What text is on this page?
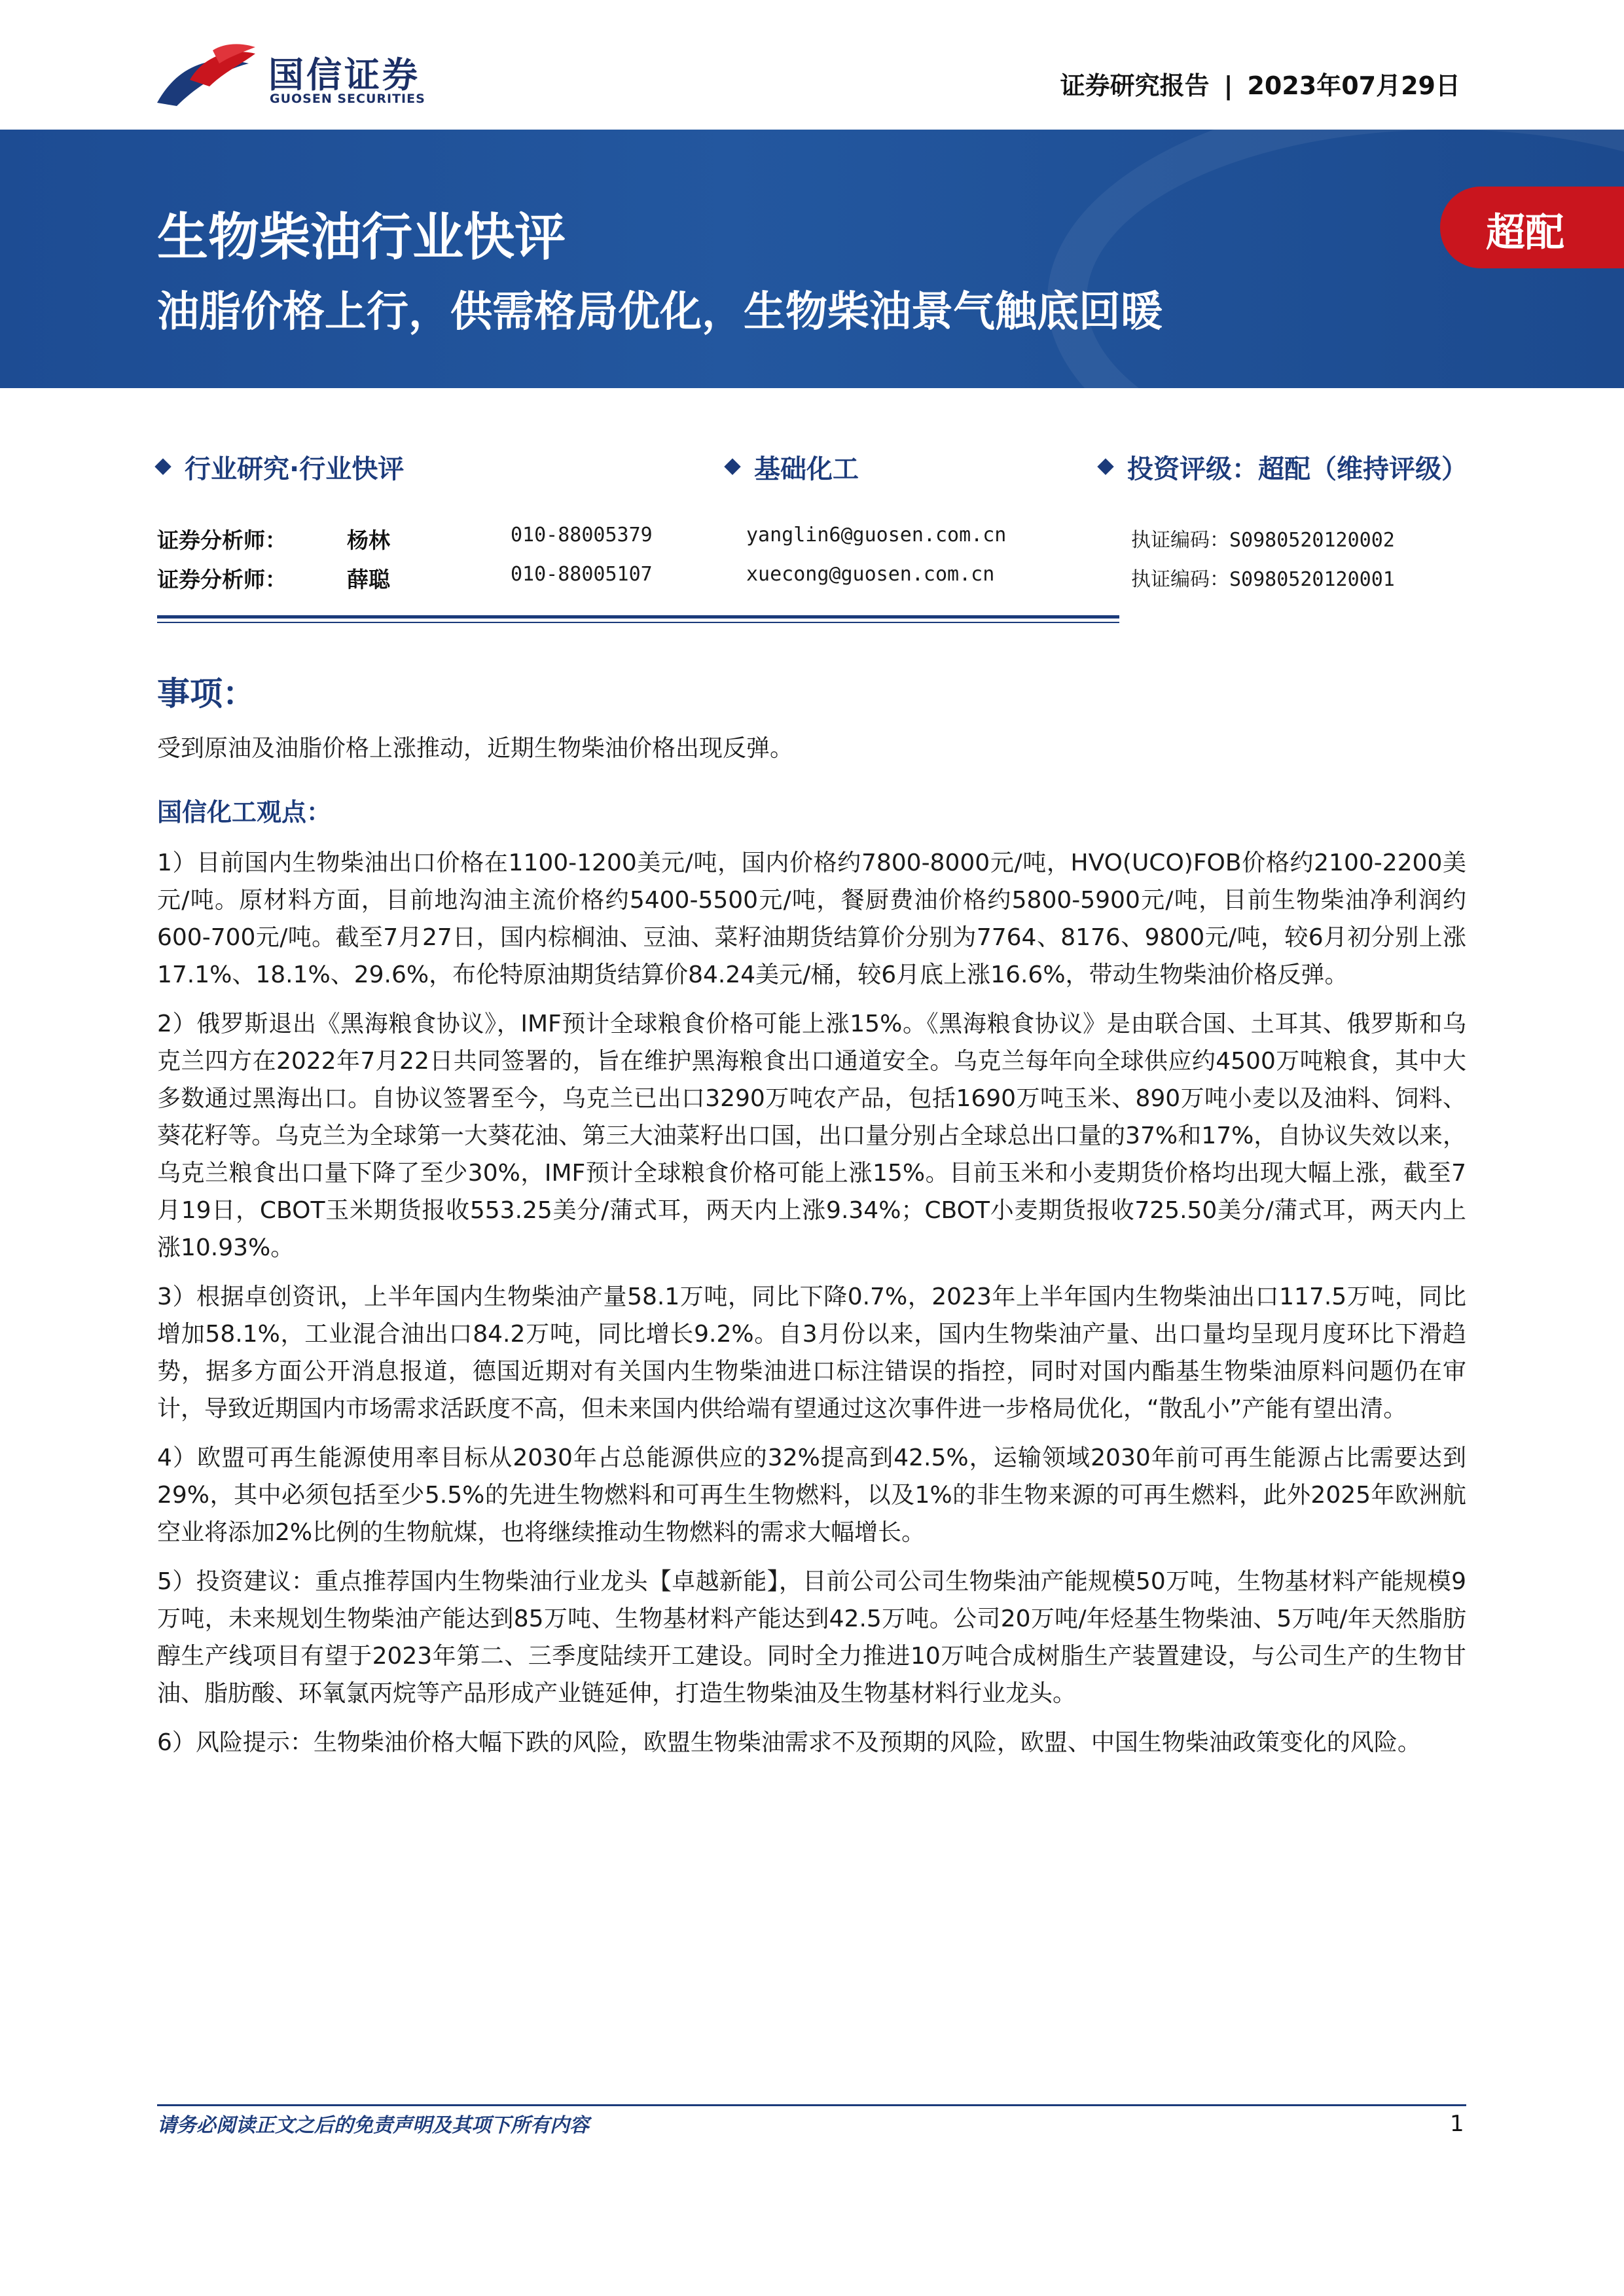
国信证券
GUOSEN SECURITIES	证券研究报告 | 2023年07月29日
生物柴油行业快评
油脂价格上行，供需格局优化，生物柴油景气触底回暖
超配
行业研究·行业快评	基础化工	投资评级：超配（维持评级）
证券分析师：	杨林	010-88005379	yanglin6@guosen.com.cn	执证编码：S0980520120002
证券分析师：	薛聪	010-88005107	xuecong@guosen.com.cn	执证编码：S0980520120001
事项：
受到原油及油脂价格上涨推动，近期生物柴油价格出现反弹。
国信化工观点：

1）目前国内生物柴油出口价格在1100-1200美元/吨，国内价格约7800-8000元/吨，HVO(UCO)FOB价格约2100-2200美元/吨。原材料方面，目前地沟油主流价格约5400-5500元/吨，餐厨费油价格约5800-5900元/吨，目前生物柴油净利润约600-700元/吨。截至7月27日，国内棕榈油、豆油、菜籽油期货结算价分别为7764、8176、9800元/吨，较6月初分别上涨17.1%、18.1%、29.6%，布伦特原油期货结算价84.24美元/桶，较6月底上涨16.6%，带动生物柴油价格反弹。

2）俄罗斯退出《黑海粮食协议》，IMF预计全球粮食价格可能上涨15%。《黑海粮食协议》是由联合国、土耳其、俄罗斯和乌克兰四方在2022年7月22日共同签署的，旨在维护黑海粮食出口通道安全。乌克兰每年向全球供应约4500万吨粮食，其中大多数通过黑海出口。自协议签署至今，乌克兰已出口3290万吨农产品，包括1690万吨玉米、890万吨小麦以及油料、饲料、葵花籽等。乌克兰为全球第一大葵花油、第三大油菜籽出口国，出口量分别占全球总出口量的37%和17%，自协议失效以来，乌克兰粮食出口量下降了至少30%，IMF预计全球粮食价格可能上涨15%。目前玉米和小麦期货价格均出现大幅上涨，截至7月19日，CBOT玉米期货报收553.25美分/蒲式耳，两天内上涨9.34%；CBOT小麦期货报收725.50美分/蒲式耳，两天内上涨10.93%。

3）根据卓创资讯，上半年国内生物柴油产量58.1万吨，同比下降0.7%，2023年上半年国内生物柴油出口117.5万吨，同比增加58.1%，工业混合油出口84.2万吨，同比增长9.2%。自3月份以来，国内生物柴油产量、出口量均呈现月度环比下滑趋势，据多方面公开消息报道，德国近期对有关国内生物柴油进口标注错误的指控，同时对国内酯基生物柴油原料问题仍在审计，导致近期国内市场需求活跃度不高，但未来国内供给端有望通过这次事件进一步格局优化，“散乱小”产能有望出清。

4）欧盟可再生能源使用率目标从2030年占总能源供应的32%提高到42.5%，运输领域2030年前可再生能源占比需要达到29%，其中必须包括至少5.5%的先进生物燃料和可再生生物燃料，以及1%的非生物来源的可再生燃料，此外2025年欧洲航空业将添加2%比例的生物航煤，也将继续推动生物燃料的需求大幅增长。

5）投资建议：重点推荐国内生物柴油行业龙头【卓越新能】，目前公司公司生物柴油产能规模50万吨，生物基材料产能规模9万吨，未来规划生物柴油产能达到85万吨、生物基材料产能达到42.5万吨。公司20万吨/年烃基生物柴油、5万吨/年天然脂肪醇生产线项目有望于2023年第二、三季度陆续开工建设。同时全力推进10万吨合成树脂生产装置建设，与公司生产的生物甘油、脂肪酸、环氧氯丙烷等产品形成产业链延伸，打造生物柴油及生物基材料行业龙头。

6）风险提示：生物柴油价格大幅下跌的风险，欧盟生物柴油需求不及预期的风险，欧盟、中国生物柴油政策变化的风险。

请务必阅读正文之后的免责声明及其项下所有内容	1
